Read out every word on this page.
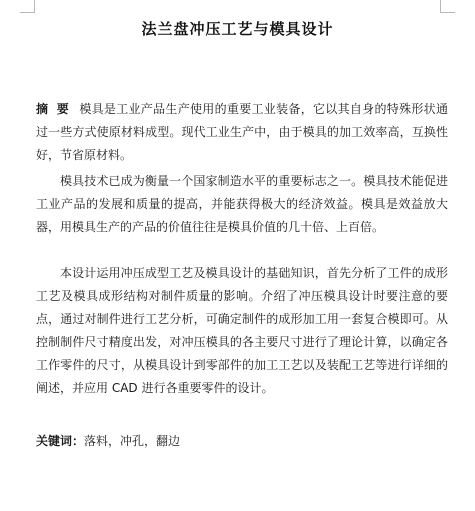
法兰盘冲压工艺与模具设计
摘 要 模具是工业产品生产使用的重要工业装备，它以其自身的特殊形状通过一些方式使原材料成型。现代工业生产中，由于模具的加工效率高，互换性好，节省原材料。
模具技术已成为衡量一个国家制造水平的重要标志之一。模具技术能促进工业产品的发展和质量的提高，并能获得极大的经济效益。模具是效益放大器，用模具生产的产品的价值往往是模具价值的几十倍、上百倍。
本设计运用冲压成型工艺及模具设计的基础知识，首先分析了工件的成形工艺及模具成形结构对制件质量的影响。介绍了冲压模具设计时要注意的要点，通过对制件进行工艺分析，可确定制件的成形加工用一套复合模即可。从控制制件尺寸精度出发，对冲压模具的各主要尺寸进行了理论计算，以确定各工作零件的尺寸，从模具设计到零部件的加工工艺以及装配工艺等进行详细的阐述，并应用 CAD 进行各重要零件的设计。
关键词：落料，冲孔，翻边
